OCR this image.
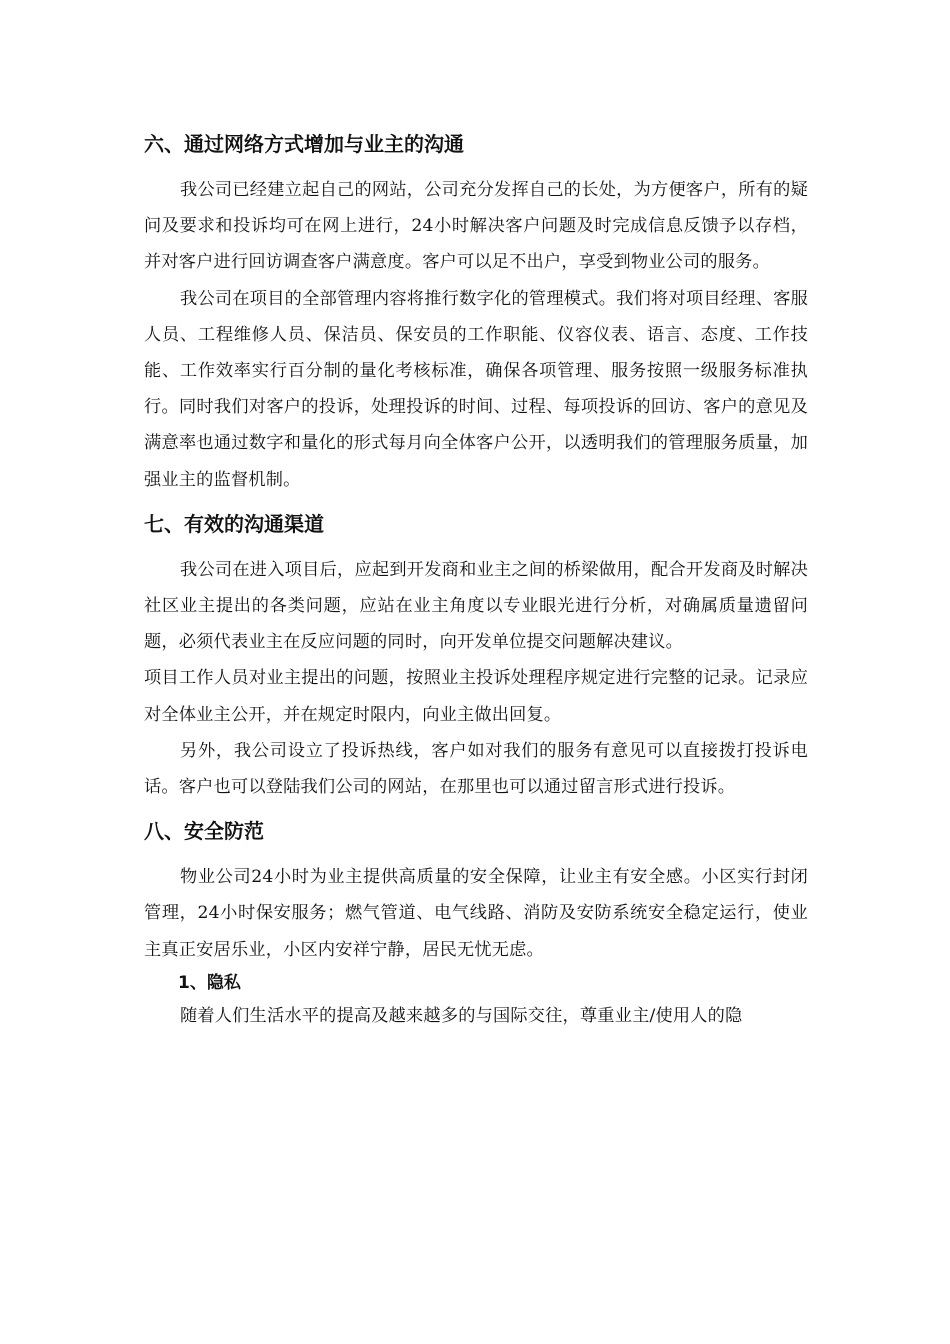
六、通过网络方式增加与业主的沟通

我公司已经建立起自己的网站，公司充分发挥自己的长处，为方便客户，所有的疑问及要求和投诉均可在网上进行，24小时解决客户问题及时完成信息反馈予以存档，并对客户进行回访调查客户满意度。客户可以足不出户，享受到物业公司的服务。

我公司在项目的全部管理内容将推行数字化的管理模式。我们将对项目经理、客服人员、工程维修人员、保洁员、保安员的工作职能、仪容仪表、语言、态度、工作技能、工作效率实行百分制的量化考核标准，确保各项管理、服务按照一级服务标准执行。同时我们对客户的投诉，处理投诉的时间、过程、每项投诉的回访、客户的意见及满意率也通过数字和量化的形式每月向全体客户公开，以透明我们的管理服务质量，加强业主的监督机制。

七、有效的沟通渠道

我公司在进入项目后，应起到开发商和业主之间的桥梁做用，配合开发商及时解决社区业主提出的各类问题，应站在业主角度以专业眼光进行分析，对确属质量遗留问题，必须代表业主在反应问题的同时，向开发单位提交问题解决建议。

项目工作人员对业主提出的问题，按照业主投诉处理程序规定进行完整的记录。记录应对全体业主公开，并在规定时限内，向业主做出回复。

另外，我公司设立了投诉热线，客户如对我们的服务有意见可以直接拨打投诉电话。客户也可以登陆我们公司的网站，在那里也可以通过留言形式进行投诉。

八、安全防范

物业公司24小时为业主提供高质量的安全保障，让业主有安全感。小区实行封闭管理，24小时保安服务；燃气管道、电气线路、消防及安防系统安全稳定运行，使业主真正安居乐业，小区内安祥宁静，居民无忧无虑。

1、隐私

随着人们生活水平的提高及越来越多的与国际交往，尊重业主/使用人的隐
